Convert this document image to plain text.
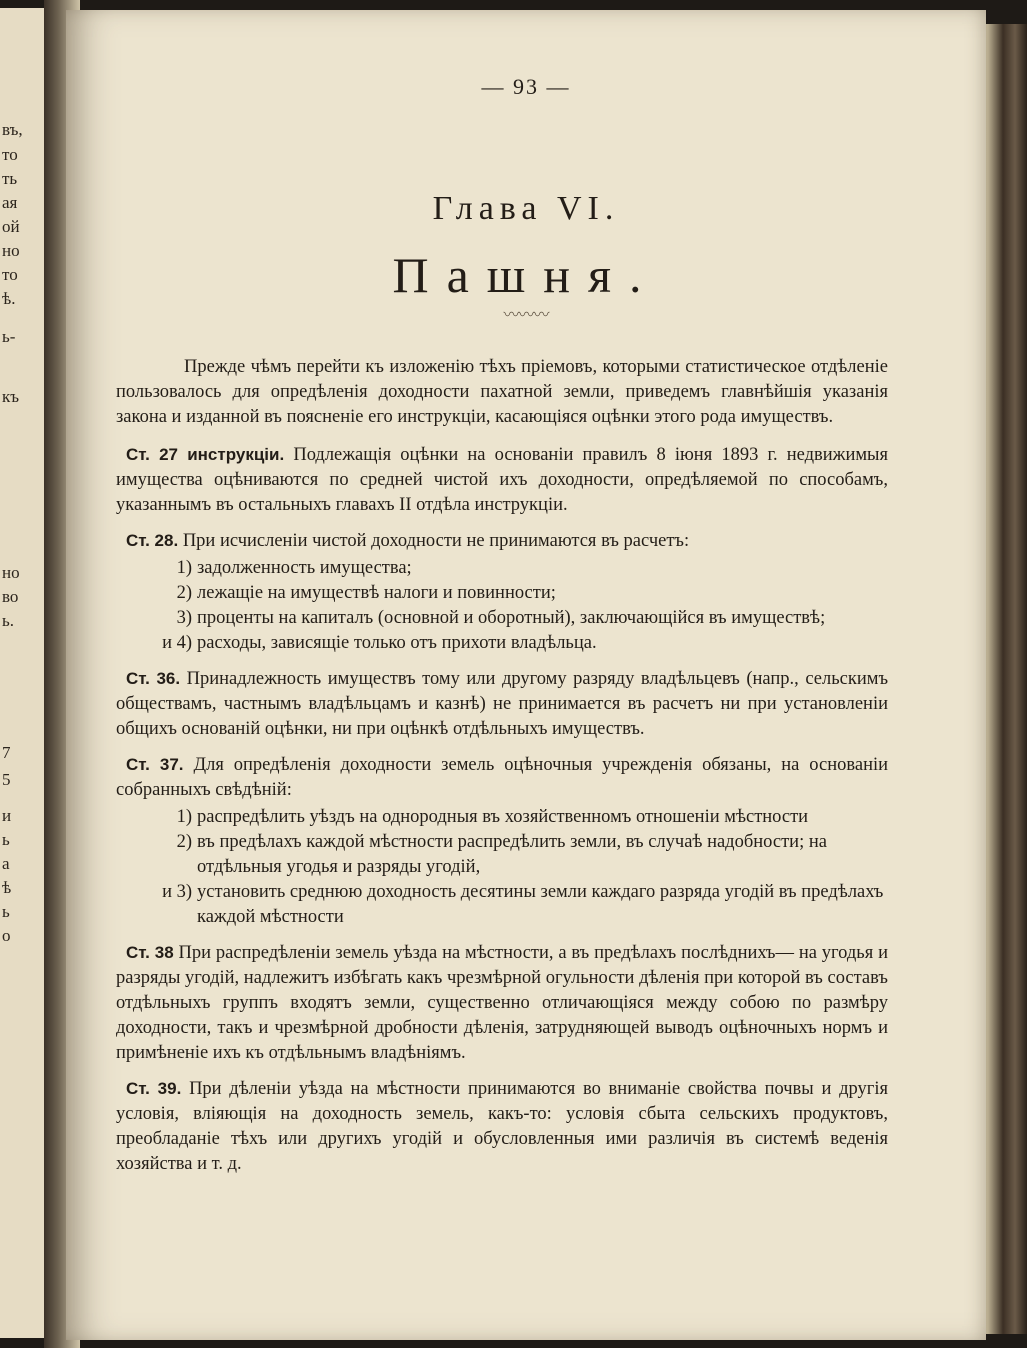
въ,
то
ть
ая
ой
но
то
ѣ.
ь-
къ
но
во
ь.
7
5
и
ь
а
ѣ
ь
о
— 93 —
Глава VI.
Пашня.
〰〰〰

Прежде чѣмъ перейти къ изложенію тѣхъ пріемовъ, которыми статистическое отдѣленіе пользовалось для опредѣленія доходности пахатной земли, приведемъ главнѣйшія указанія закона и изданной въ поясненіе его инструкціи, касающіяся оцѣнки этого рода имуществъ.

Ст. 27 инструкціи. Подлежащія оцѣнки на основаніи правилъ 8 іюня 1893 г. недвижимыя имущества оцѣниваются по средней чистой ихъ доходности, опредѣляемой по способамъ, указаннымъ въ остальныхъ главахъ II отдѣла инструкціи.

Ст. 28. При исчисленіи чистой доходности не принимаются въ расчетъ:

1) задолженность имущества;
2) лежащіе на имуществѣ налоги и повинности;
3) проценты на капиталъ (основной и оборотный), заключающійся въ имуществѣ;
и 4) расходы, зависящіе только отъ прихоти владѣльца.

Ст. 36. Принадлежность имуществъ тому или другому разряду владѣльцевъ (напр., сельскимъ обществамъ, частнымъ владѣльцамъ и казнѣ) не принимается въ расчетъ ни при установленіи общихъ основаній оцѣнки, ни при оцѣнкѣ отдѣльныхъ имуществъ.

Ст. 37. Для опредѣленія доходности земель оцѣночныя учрежденія обязаны, на основаніи собранныхъ свѣдѣній:

1) распредѣлить уѣздъ на однородныя въ хозяйственномъ отношеніи мѣстности
2) въ предѣлахъ каждой мѣстности распредѣлить земли, въ случаѣ надобности; на отдѣльныя угодья и разряды угодій,
и 3) установить среднюю доходность десятины земли каждаго разряда угодій въ предѣлахъ каждой мѣстности

Ст. 38 При распредѣленіи земель уѣзда на мѣстности, а въ предѣлахъ послѣднихъ— на угодья и разряды угодій, надлежитъ избѣгать какъ чрезмѣрной огульности дѣленія при которой въ составъ отдѣльныхъ группъ входятъ земли, существенно отличающіяся между собою по размѣру доходности, такъ и чрезмѣрной дробности дѣленія, затрудняющей выводъ оцѣночныхъ нормъ и примѣненіе ихъ къ отдѣльнымъ владѣніямъ.

Ст. 39. При дѣленіи уѣзда на мѣстности принимаются во вниманіе свойства почвы и другія условія, вліяющія на доходность земель, какъ-то: условія сбыта сельскихъ продуктовъ, преобладаніе тѣхъ или другихъ угодій и обусловленныя ими различія въ системѣ веденія хозяйства и т. д.
